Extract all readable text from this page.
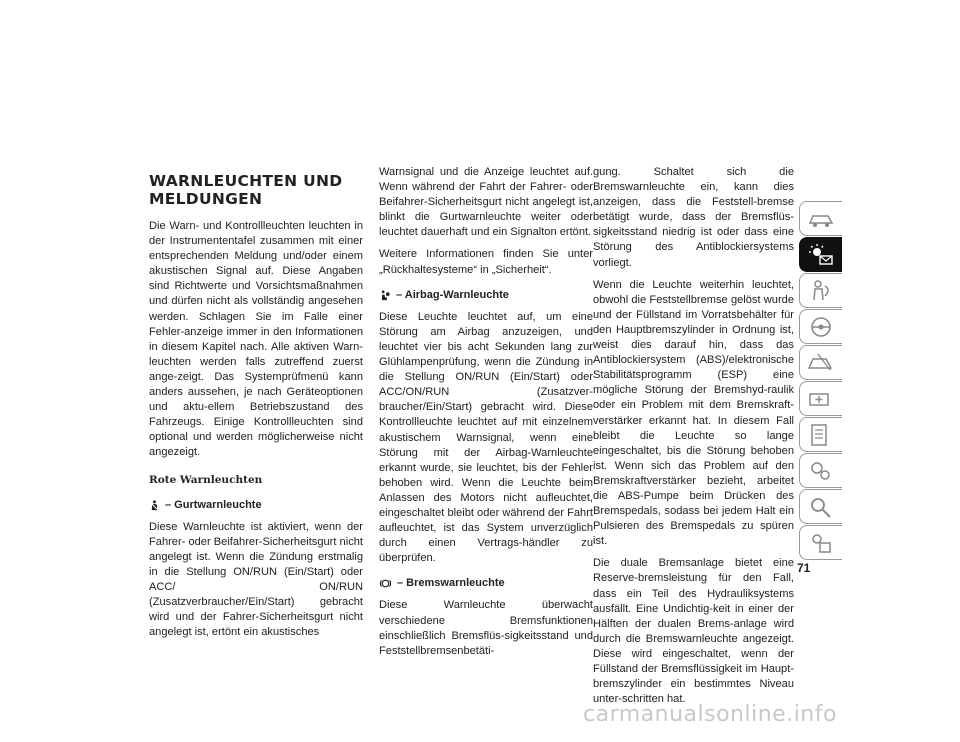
WARNLEUCHTEN UND MELDUNGEN

Die Warn- und Kontrollleuchten leuchten in der Instrumententafel zusammen mit einer entsprechenden Meldung und/oder einem akustischen Signal auf. Diese Angaben sind Richtwerte und Vorsichtsmaßnahmen und dürfen nicht als vollständig angesehen werden. Schlagen Sie im Falle einer Fehler-anzeige immer in den Informationen in diesem Kapitel nach. Alle aktiven Warn-leuchten werden falls zutreffend zuerst ange-zeigt. Das Systemprüfmenü kann anders aussehen, je nach Geräteoptionen und aktu-ellem Betriebszustand des Fahrzeugs. Einige Kontrollleuchten sind optional und werden möglicherweise nicht angezeigt.

Rote Warnleuchten
– Gurtwarnleuchte

Diese Warnleuchte ist aktiviert, wenn der Fahrer- oder Beifahrer-Sicherheitsgurt nicht angelegt ist. Wenn die Zündung erstmalig in die Stellung ON/RUN (Ein/Start) oder ACC/ ON/RUN (Zusatzverbraucher/Ein/Start) gebracht wird und der Fahrer-Sicherheitsgurt nicht angelegt ist, ertönt ein akustisches

Warnsignal und die Anzeige leuchtet auf. Wenn während der Fahrt der Fahrer- oder Beifahrer-Sicherheitsgurt nicht angelegt ist, blinkt die Gurtwarnleuchte weiter oder leuchtet dauerhaft und ein Signalton ertönt.

Weitere Informationen finden Sie unter „Rückhaltesysteme“ in „Sicherheit“.

– Airbag-Warnleuchte

Diese Leuchte leuchtet auf, um eine Störung am Airbag anzuzeigen, und leuchtet vier bis acht Sekunden lang zur Glühlampenprüfung, wenn die Zündung in die Stellung ON/RUN (Ein/Start) oder ACC/ON/RUN (Zusatzver-braucher/Ein/Start) gebracht wird. Diese Kontrollleuchte leuchtet auf mit einzelnem akustischem Warnsignal, wenn eine Störung mit der Airbag-Warnleuchte erkannt wurde, sie leuchtet, bis der Fehler behoben wird. Wenn die Leuchte beim Anlassen des Motors nicht aufleuchtet, eingeschaltet bleibt oder während der Fahrt aufleuchtet, ist das System unverzüglich durch einen Vertrags-händler zu überprüfen.

– Bremswarnleuchte

Diese Warnleuchte überwacht verschiedene Bremsfunktionen einschließlich Bremsflüs-sigkeitsstand und Feststellbremsenbetäti-

gung. Schaltet sich die Bremswarnleuchte ein, kann dies anzeigen, dass die Feststell-bremse betätigt wurde, dass der Bremsflüs-sigkeitsstand niedrig ist oder dass eine Störung des Antiblockiersystems vorliegt.

Wenn die Leuchte weiterhin leuchtet, obwohl die Feststellbremse gelöst wurde und der Füllstand im Vorratsbehälter für den Hauptbremszylinder in Ordnung ist, weist dies darauf hin, dass das Antiblockiersystem (ABS)/elektronische Stabilitätsprogramm (ESP) eine mögliche Störung der Bremshyd-raulik oder ein Problem mit dem Bremskraft-verstärker erkannt hat. In diesem Fall bleibt die Leuchte so lange eingeschaltet, bis die Störung behoben ist. Wenn sich das Problem auf den Bremskraftverstärker bezieht, arbeitet die ABS-Pumpe beim Drücken des Bremspedals, sodass bei jedem Halt ein Pulsieren des Bremspedals zu spüren ist.

Die duale Bremsanlage bietet eine Reserve-bremsleistung für den Fall, dass ein Teil des Hydrauliksystems ausfällt. Eine Undichtig-keit in einer der Hälften der dualen Brems-anlage wird durch die Bremswarnleuchte angezeigt. Diese wird eingeschaltet, wenn der Füllstand der Bremsflüssigkeit im Haupt-bremszylinder ein bestimmtes Niveau unter-schritten hat.

71
carmanualsonline.info
